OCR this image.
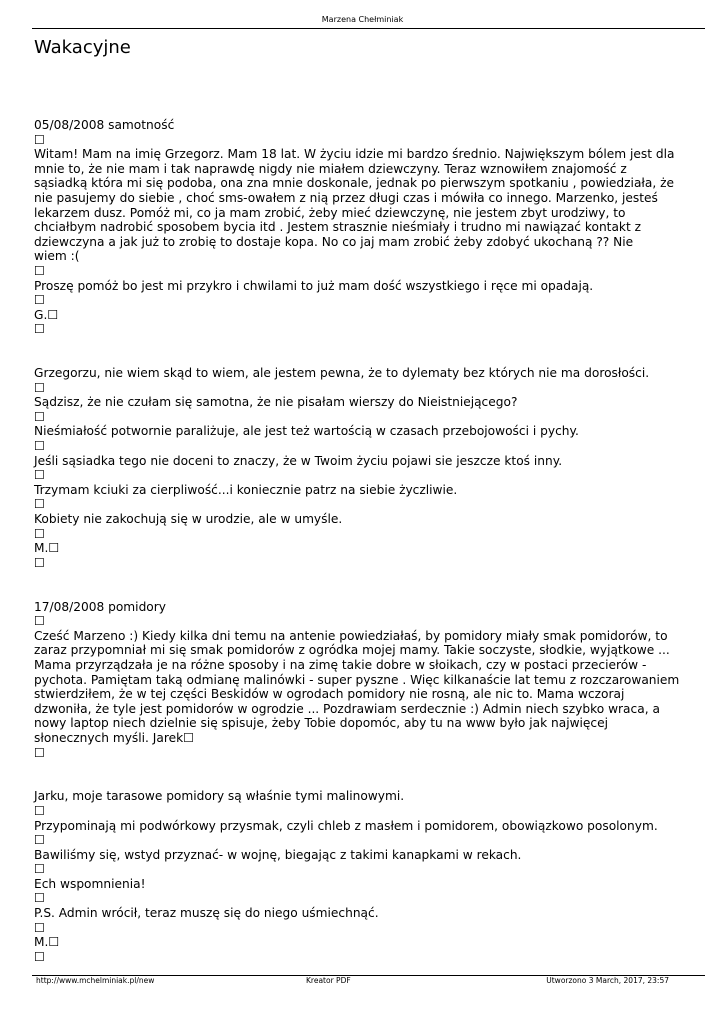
Marzena Chełminiak
Wakacyjne
05/08/2008 samotność
☐
Witam! Mam na imię Grzegorz. Mam 18 lat. W życiu idzie mi bardzo średnio. Największym bólem jest dla
mnie to, że nie mam i tak naprawdę nigdy nie miałem dziewczyny. Teraz wznowiłem znajomość z
sąsiadką która mi się podoba, ona zna mnie doskonale, jednak po pierwszym spotkaniu , powiedziała, że
nie pasujemy do siebie , choć sms-owałem z nią przez długi czas i mówiła co innego. Marzenko, jesteś
lekarzem dusz. Pomóż mi, co ja mam zrobić, żeby mieć dziewczynę, nie jestem zbyt urodziwy, to
chciałbym nadrobić sposobem bycia itd . Jestem strasznie nieśmiały i trudno mi nawiązać kontakt z
dziewczyna a jak już to zrobię to dostaje kopa. No co jaj mam zrobić żeby zdobyć ukochaną ?? Nie
wiem :(
☐
Proszę pomóż bo jest mi przykro i chwilami to już mam dość wszystkiego i ręce mi opadają.
☐
G.☐
☐
Grzegorzu, nie wiem skąd to wiem, ale jestem pewna, że to dylematy bez których nie ma dorosłości.
☐
Sądzisz, że nie czułam się samotna, że nie pisałam wierszy do Nieistniejącego?
☐
Nieśmiałość potwornie paraliżuje, ale jest też wartością w czasach przebojowości i pychy.
☐
Jeśli sąsiadka tego nie doceni to znaczy, że w Twoim życiu pojawi sie jeszcze ktoś inny.
☐
Trzymam kciuki za cierpliwość...i koniecznie patrz na siebie życzliwie.
☐
Kobiety nie zakochują się w urodzie, ale w umyśle.
☐
M.☐
☐
17/08/2008 pomidory
☐
Cześć Marzeno :) Kiedy kilka dni temu na antenie powiedziałaś, by pomidory miały smak pomidorów, to
zaraz przypomniał mi się smak pomidorów z ogródka mojej mamy. Takie soczyste, słodkie, wyjątkowe ...
Mama przyrządzała je na różne sposoby i na zimę takie dobre w słoikach, czy w postaci przecierów -
pychota. Pamiętam taką odmianę malinówki - super pyszne . Więc kilkanaście lat temu z rozczarowaniem
stwierdziłem, że w tej części Beskidów w ogrodach pomidory nie rosną, ale nic to. Mama wczoraj
dzwoniła, że tyle jest pomidorów w ogrodzie ... Pozdrawiam serdecznie :) Admin niech szybko wraca, a
nowy laptop niech dzielnie się spisuje, żeby Tobie dopomóc, aby tu na www było jak najwięcej
słonecznych myśli. Jarek☐
☐
Jarku, moje tarasowe pomidory są właśnie tymi malinowymi.
☐
Przypominają mi podwórkowy przysmak, czyli chleb z masłem i pomidorem, obowiązkowo posolonym.
☐
Bawiliśmy się, wstyd przyznać- w wojnę, biegając z takimi kanapkami w rekach.
☐
Ech wspomnienia!
☐
P.S. Admin wrócił, teraz muszę się do niego uśmiechnąć.
☐
M.☐
☐
http://www.mchelminiak.pl/new	Kreator PDF	Utworzono 3 March, 2017, 23:57
